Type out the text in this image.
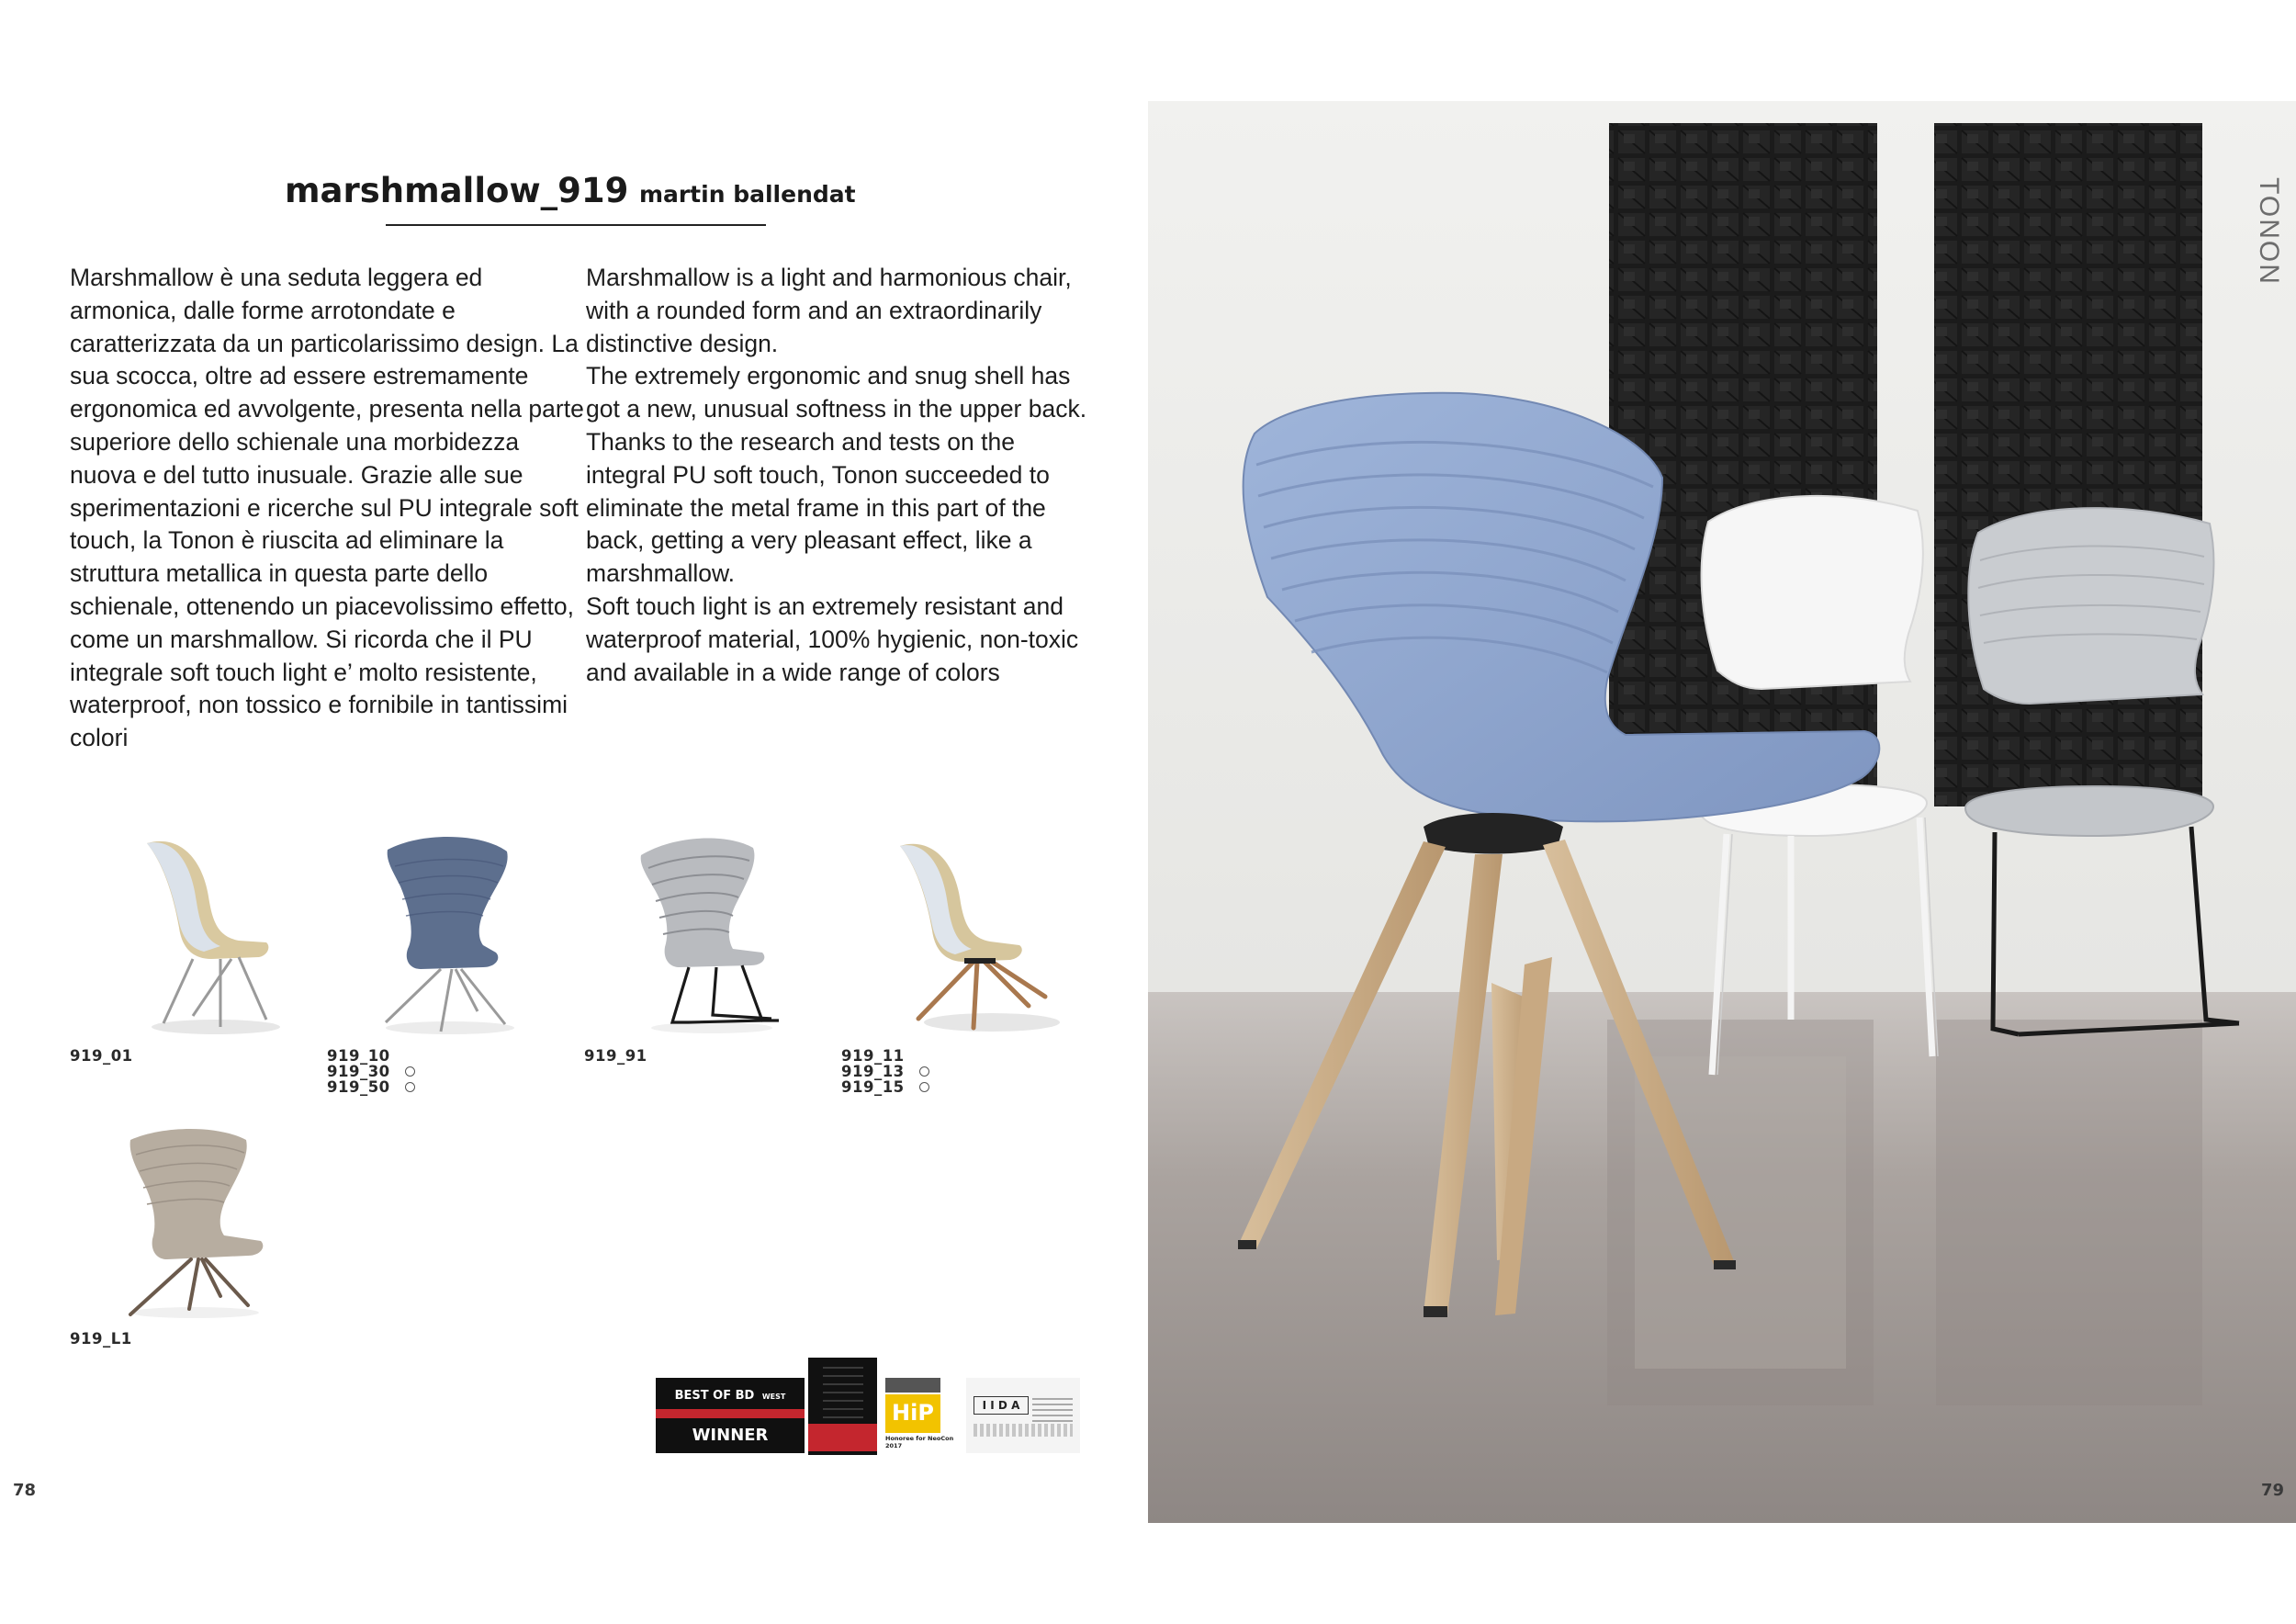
marshmallow_919 martin ballendat

Marshmallow è una seduta leggera ed armonica, dalle forme arrotondate e caratterizzata da un particolarissimo design. La sua scocca, oltre ad essere estremamente ergonomica ed avvolgente, presenta nella parte superiore dello schienale una morbidezza nuova e del tutto inusuale. Grazie alle sue sperimentazioni e ricerche sul PU integrale soft touch, la Tonon è riuscita ad eliminare la struttura metallica in questa parte dello schienale, ottenendo un piacevolissimo effetto, come un marshmallow. Si ricorda che il PU integrale soft touch light e’ molto resistente, waterproof, non tossico e fornibile in tantissimi colori

Marshmallow is a light and harmonious chair, with a rounded form and an extraordinarily distinctive design.

The extremely ergonomic and snug shell has got a new, unusual softness in the upper back. Thanks to the research and tests on the integral PU soft touch, Tonon succeeded to eliminate the metal frame in this part of the back, getting a very pleasant effect, like a marshmallow.

Soft touch light is an extremely resistant and waterproof material, 100% hygienic, non-toxic and available in a wide range of colors

919_01	919_10
919_30
919_50
919_91	919_11
919_13
919_15
919_L1
BEST OF BD WEST
WINNER
HiP
Honoree for NeoCon 2017
I I D A
78
TONON
79
